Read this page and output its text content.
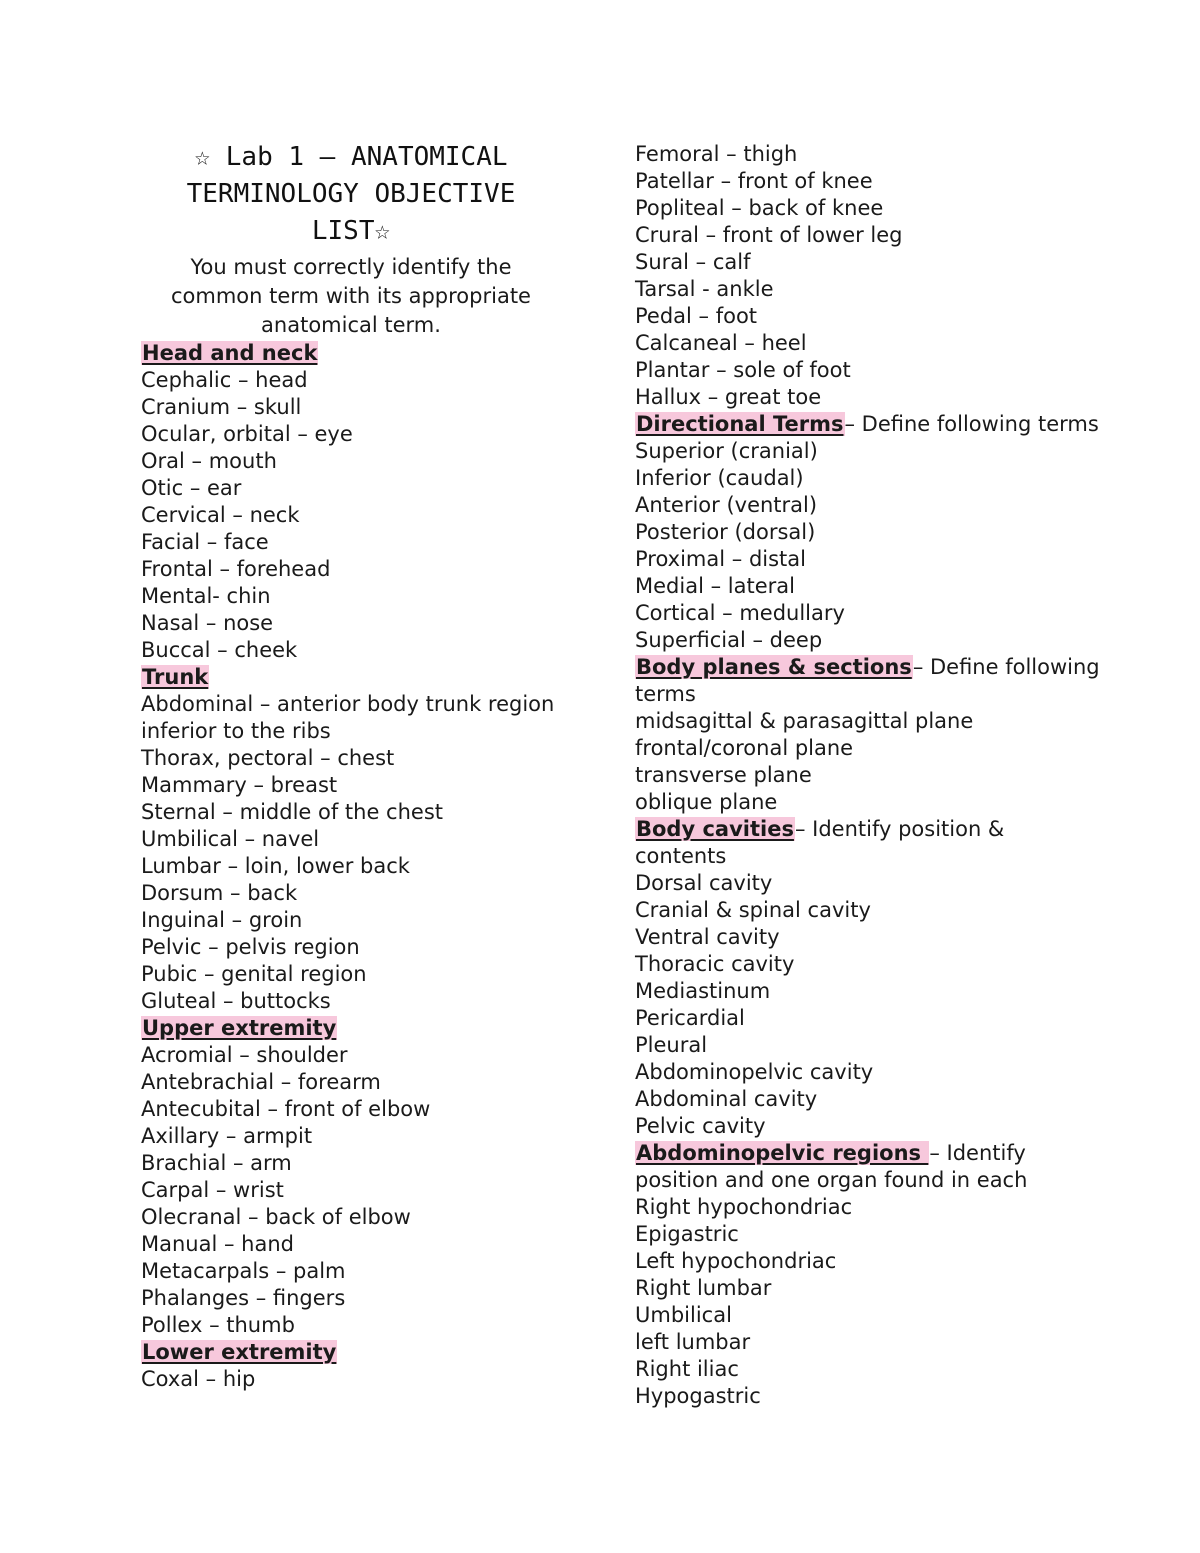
☆ Lab 1 – ANATOMICAL
TERMINOLOGY OBJECTIVE
LIST☆
You must correctly identify the
common term with its appropriate
anatomical term.
Head and neck
Cephalic – head
Cranium – skull
Ocular, orbital – eye
Oral – mouth
Otic – ear
Cervical – neck
Facial – face
Frontal – forehead
Mental- chin
Nasal – nose
Buccal – cheek
Trunk
Abdominal – anterior body trunk region
inferior to the ribs
Thorax, pectoral – chest
Mammary – breast
Sternal – middle of the chest
Umbilical – navel
Lumbar – loin, lower back
Dorsum – back
Inguinal – groin
Pelvic – pelvis region
Pubic – genital region
Gluteal – buttocks
Upper extremity
Acromial – shoulder
Antebrachial – forearm
Antecubital – front of elbow
Axillary – armpit
Brachial – arm
Carpal – wrist
Olecranal – back of elbow
Manual – hand
Metacarpals – palm
Phalanges – fingers
Pollex – thumb
Lower extremity
Coxal – hip
Femoral – thigh
Patellar – front of knee
Popliteal – back of knee
Crural – front of lower leg
Sural – calf
Tarsal - ankle
Pedal – foot
Calcaneal – heel
Plantar – sole of foot
Hallux – great toe
Directional Terms– Define following terms
Superior (cranial)
Inferior (caudal)
Anterior (ventral)
Posterior (dorsal)
Proximal – distal
Medial – lateral
Cortical – medullary
Superficial – deep
Body planes & sections– Define following
terms
midsagittal & parasagittal plane
frontal/coronal plane
transverse plane
oblique plane
Body cavities– Identify position &
contents
Dorsal cavity
Cranial & spinal cavity
Ventral cavity
Thoracic cavity
Mediastinum
Pericardial
Pleural
Abdominopelvic cavity
Abdominal cavity
Pelvic cavity
Abdominopelvic regions – Identify
position and one organ found in each
Right hypochondriac
Epigastric
Left hypochondriac
Right lumbar
Umbilical
left lumbar
Right iliac
Hypogastric
